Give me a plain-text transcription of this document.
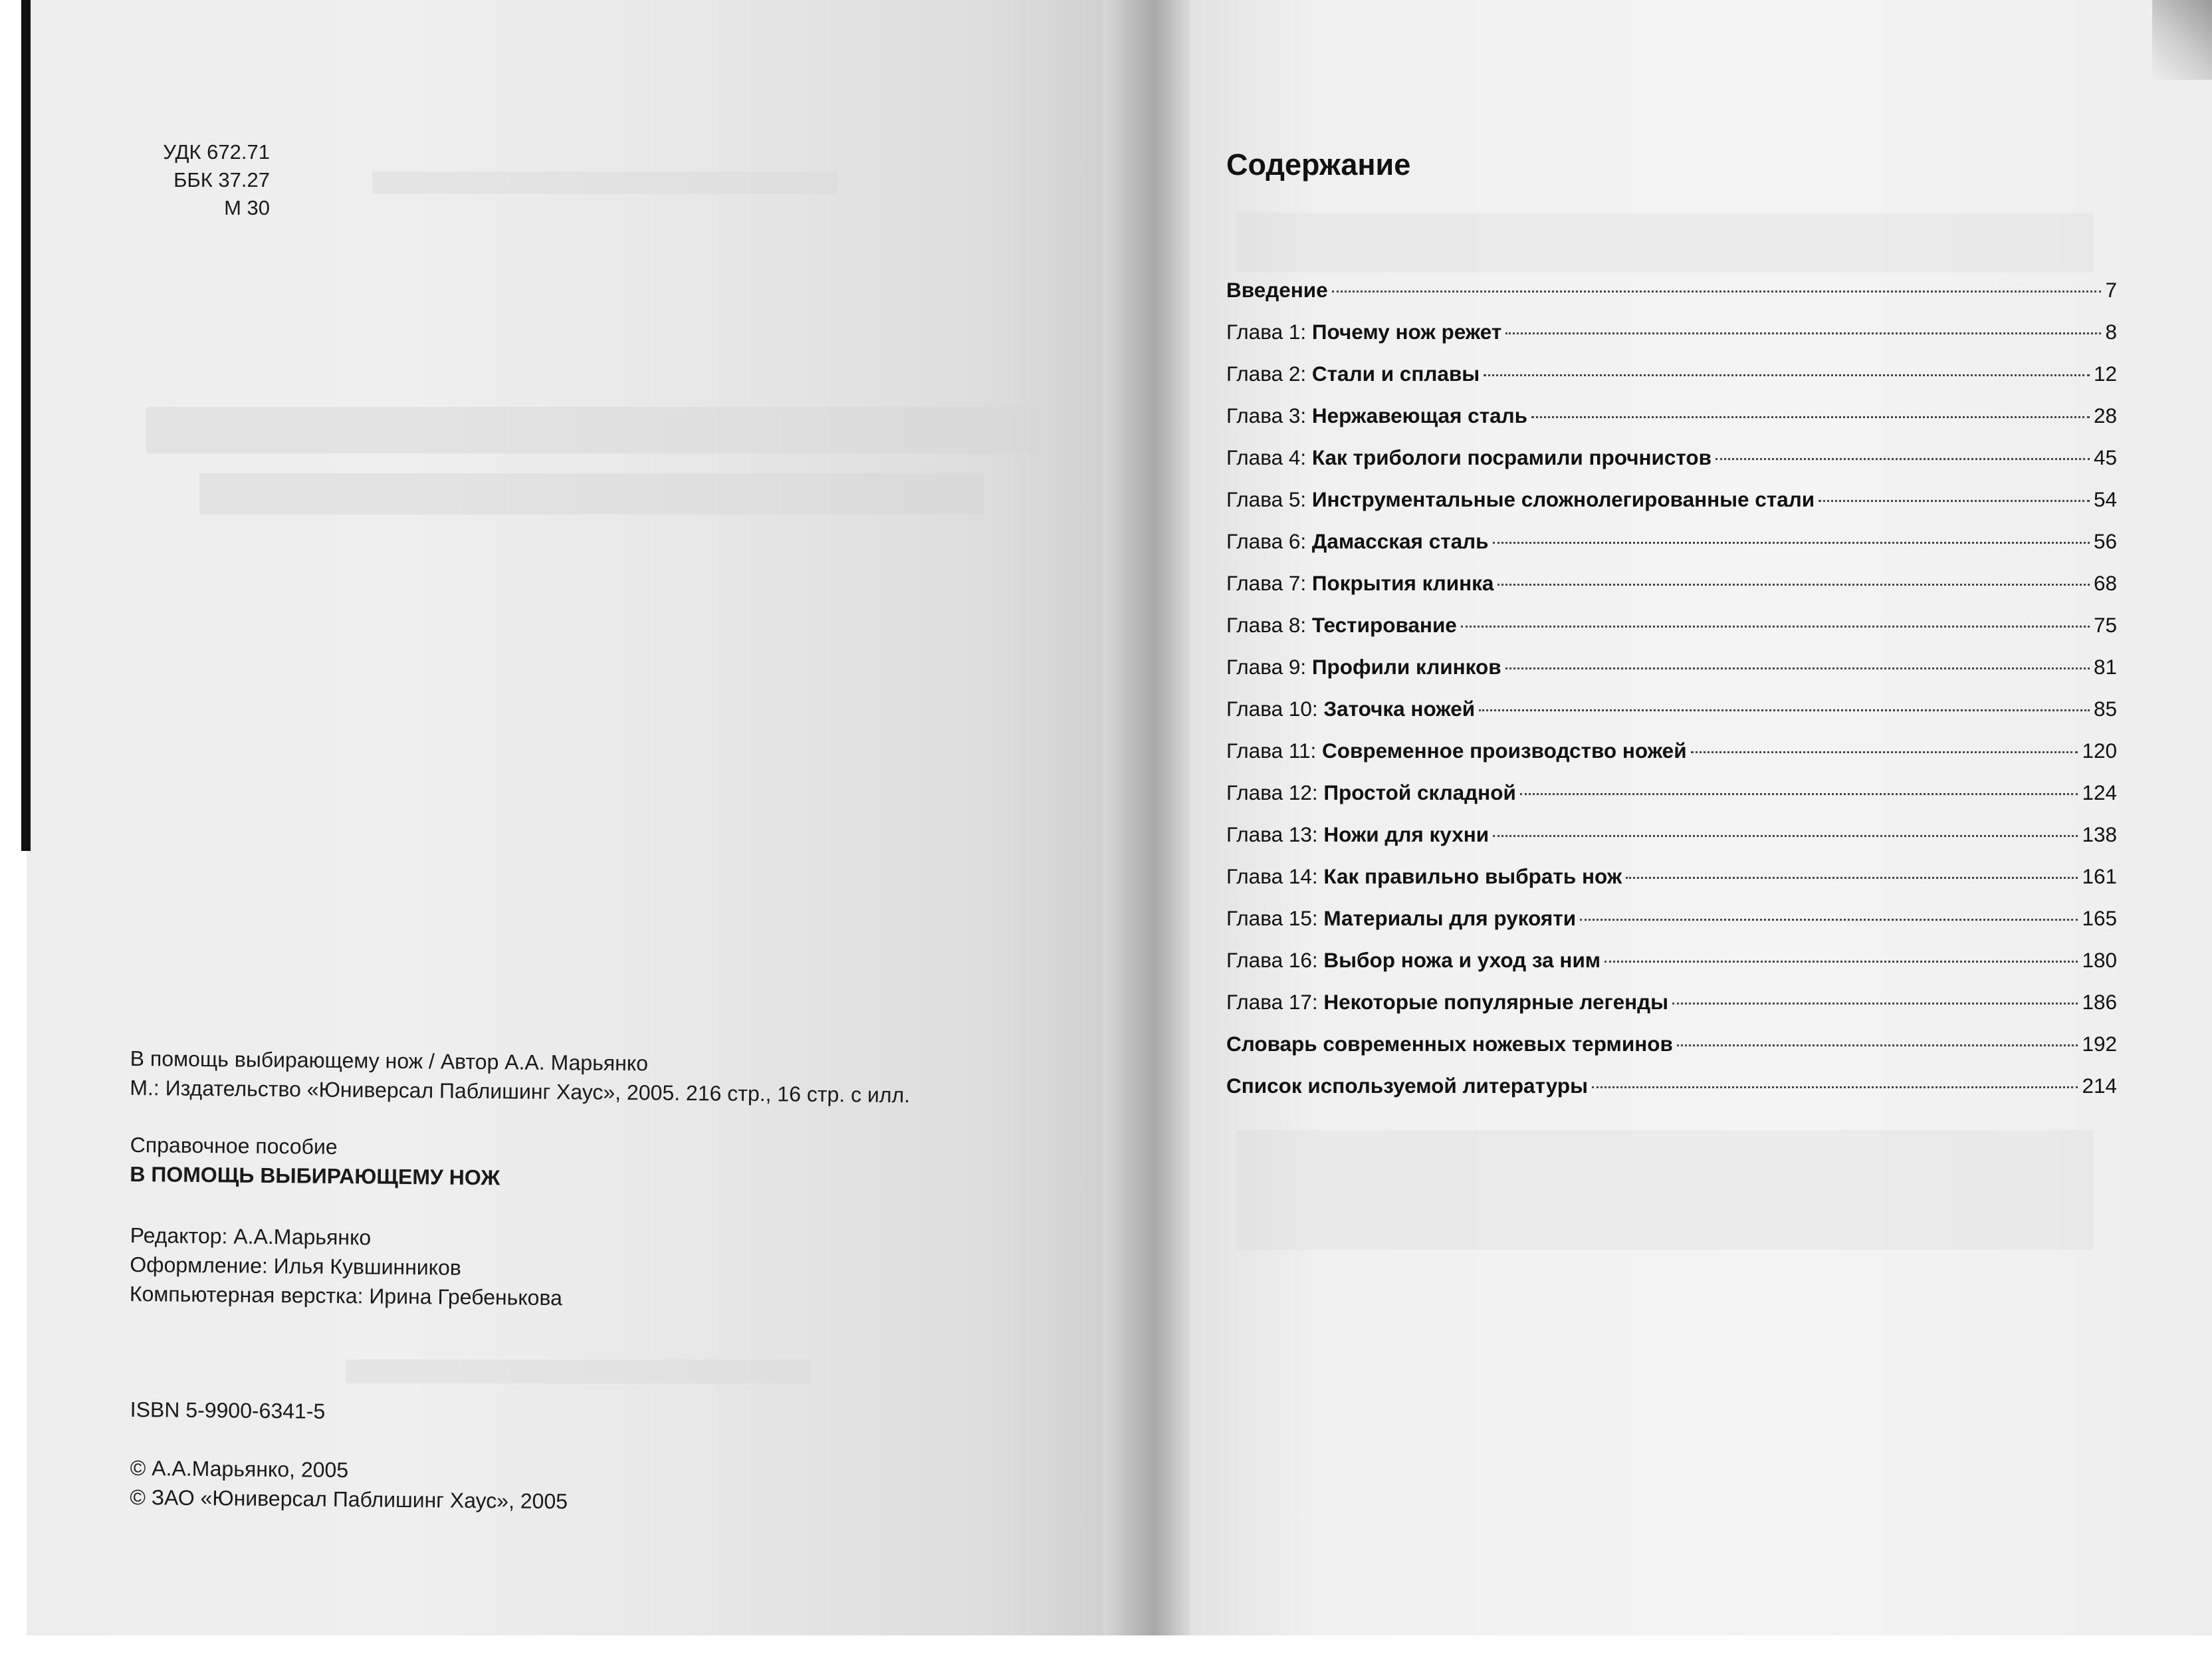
УДК 672.71
ББК 37.27
М 30
В помощь выбирающему нож / Автор А.А. Марьянко
М.: Издательство «Юниверсал Паблишинг Хаус», 2005. 216 стр., 16 стр. с илл.
Справочное пособие
В ПОМОЩЬ ВЫБИРАЮЩЕМУ НОЖ
Редактор: А.А.Марьянко
Оформление: Илья Кувшинников
Компьютерная верстка: Ирина Гребенькова
ISBN 5-9900-6341-5
© А.А.Марьянко, 2005
© ЗАО «Юниверсал Паблишинг Хаус», 2005
Содержание
Введение	7
Глава 1: Почему нож режет	8
Глава 2: Стали и сплавы	12
Глава 3: Нержавеющая сталь	28
Глава 4: Как трибологи посрамили прочнистов	45
Глава 5: Инструментальные сложнолегированные стали	54
Глава 6: Дамасская сталь	56
Глава 7: Покрытия клинка	68
Глава 8: Тестирование	75
Глава 9: Профили клинков	81
Глава 10: Заточка ножей	85
Глава 11: Современное производство ножей	120
Глава 12: Простой складной	124
Глава 13: Ножи для кухни	138
Глава 14: Как правильно выбрать нож	161
Глава 15: Материалы для рукояти	165
Глава 16: Выбор ножа и уход за ним	180
Глава 17: Некоторые популярные легенды	186
Словарь современных ножевых терминов	192
Список используемой литературы	214
